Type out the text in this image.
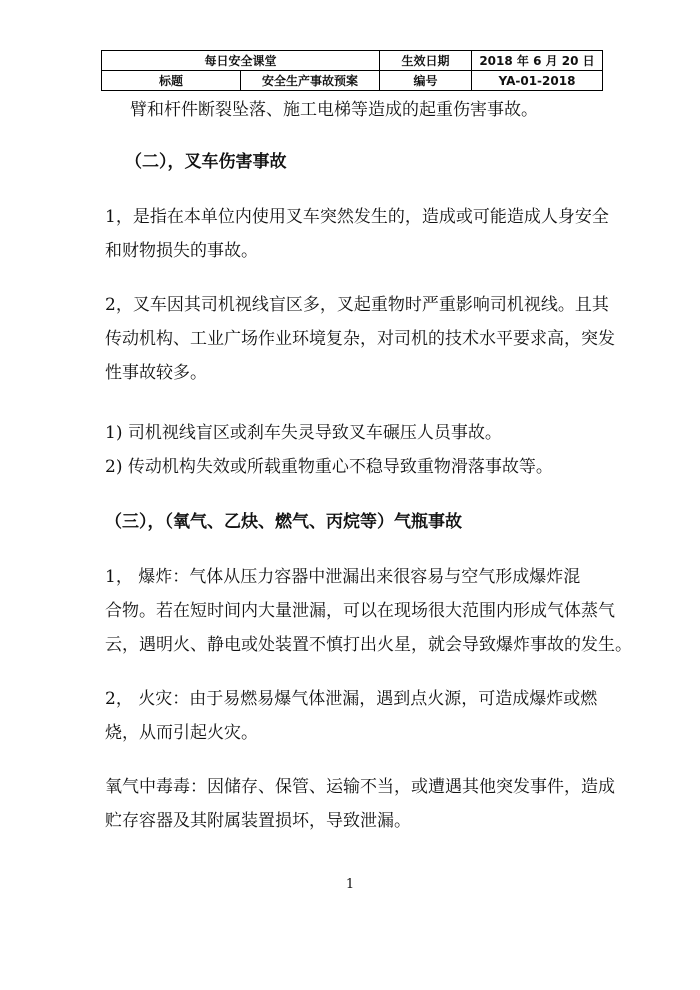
每日安全课堂		生效日期	2018 年 6 月 20 日
标题	安全生产事故预案	编号	YA-01-2018
臂和杆件断裂坠落、施工电梯等造成的起重伤害事故。
（二），叉车伤害事故
1，是指在本单位内使用叉车突然发生的，造成或可能造成人身安全
和财物损失的事故。
2，叉车因其司机视线盲区多，叉起重物时严重影响司机视线。且其
传动机构、工业广场作业环境复杂，对司机的技术水平要求高，突发
性事故较多。
1) 司机视线盲区或刹车失灵导致叉车碾压人员事故。
2) 传动机构失效或所载重物重心不稳导致重物滑落事故等。
（三），（氧气、乙炔、燃气、丙烷等）气瓶事故
1， 爆炸：气体从压力容器中泄漏出来很容易与空气形成爆炸混
合物。若在短时间内大量泄漏，可以在现场很大范围内形成气体蒸气
云，遇明火、静电或处装置不慎打出火星，就会导致爆炸事故的发生。
2， 火灾：由于易燃易爆气体泄漏，遇到点火源，可造成爆炸或燃
烧，从而引起火灾。
氧气中毒毒：因储存、保管、运输不当，或遭遇其他突发事件，造成
贮存容器及其附属装置损坏，导致泄漏。
1
